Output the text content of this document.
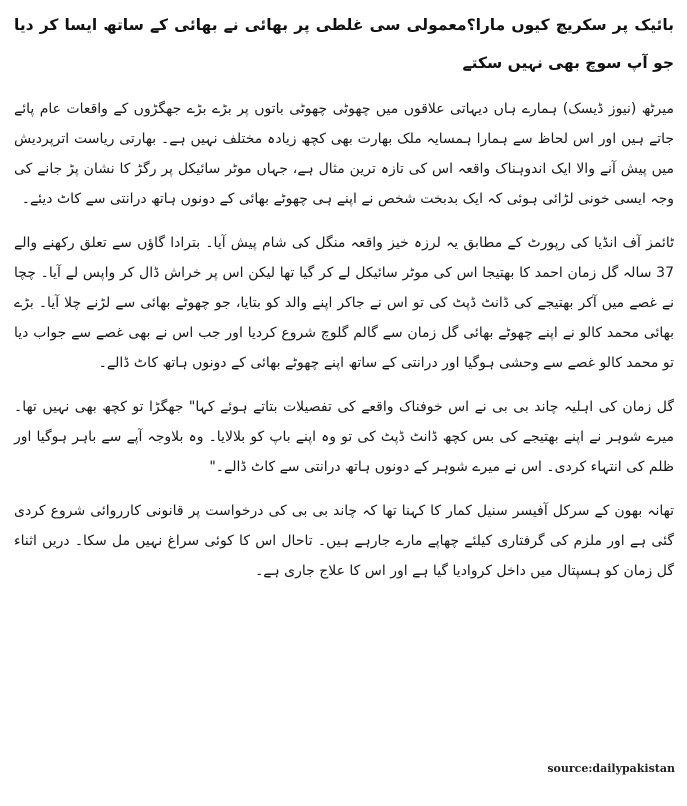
بائیک پر سکریچ کیوں مارا؟معمولی سی غلطی پر بھائی نے بھائی کے ساتھ ایسا کر دیا جو آپ سوچ بھی نہیں سکتے

میرٹھ (نیوز ڈیسک) ہمارے ہاں دیہاتی علاقوں میں چھوٹی چھوٹی باتوں پر بڑے بڑے جھگڑوں کے واقعات عام پائے جاتے ہیں اور اس لحاظ سے ہمارا ہمسایہ ملک بھارت بھی کچھ زیادہ مختلف نہیں ہے۔ بھارتی ریاست اترپردیش میں پیش آنے والا ایک اندوہناک واقعہ اس کی تازہ ترین مثال ہے، جہاں موٹر سائیکل پر رگڑ کا نشان پڑ جانے کی وجہ ایسی خونی لڑائی ہوئی کہ ایک بدبخت شخص نے اپنے ہی چھوٹے بھائی کے دونوں ہاتھ درانتی سے کاٹ دیئے۔

ٹائمز آف انڈیا کی رپورٹ کے مطابق یہ لرزہ خیز واقعہ منگل کی شام پیش آیا۔ بترادا گاؤں سے تعلق رکھنے والے 37 سالہ گل زمان احمد کا بھتیجا اس کی موٹر سائیکل لے کر گیا تھا لیکن اس پر خراش ڈال کر واپس لے آیا۔ چچا نے غصے میں آکر بھتیجے کی ڈانٹ ڈپٹ کی تو اس نے جاکر اپنے والد کو بتایا، جو چھوٹے بھائی سے لڑنے چلا آیا۔ بڑے بھائی محمد کالو نے اپنے چھوٹے بھائی گل زمان سے گالم گلوچ شروع کردیا اور جب اس نے بھی غصے سے جواب دیا تو محمد کالو غصے سے وحشی ہوگیا اور درانتی کے ساتھ اپنے چھوٹے بھائی کے دونوں ہاتھ کاٹ ڈالے۔

گل زمان کی اہلیہ چاند بی بی نے اس خوفناک واقعے کی تفصیلات بتاتے ہوئے کہا" جھگڑا تو کچھ بھی نہیں تھا۔ میرے شوہر نے اپنے بھتیجے کی بس کچھ ڈانٹ ڈپٹ کی تو وہ اپنے باپ کو بلالایا۔ وہ بلاوجہ آپے سے باہر ہوگیا اور ظلم کی انتہاء کردی۔ اس نے میرے شوہر کے دونوں ہاتھ درانتی سے کاٹ ڈالے۔"

تھانہ بھون کے سرکل آفیسر سنیل کمار کا کہنا تھا کہ چاند بی بی کی درخواست پر قانونی کارروائی شروع کردی گئی ہے اور ملزم کی گرفتاری کیلئے چھاپے مارے جارہے ہیں۔ تاحال اس کا کوئی سراغ نہیں مل سکا۔ دریں اثناء گل زمان کو ہسپتال میں داخل کروادیا گیا ہے اور اس کا علاج جاری ہے۔

source:dailypakistan
